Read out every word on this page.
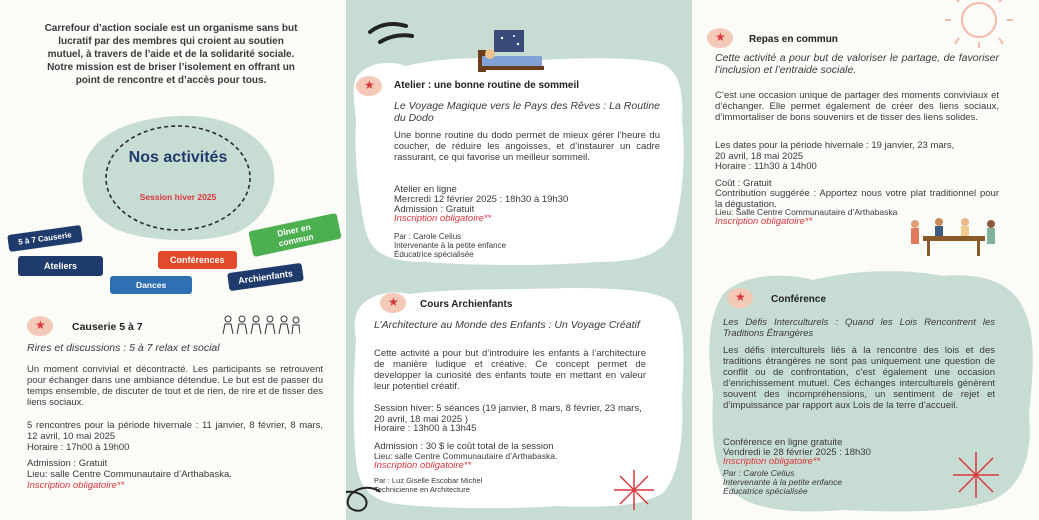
Carrefour d’action sociale est un organisme sans but lucratif par des membres qui croient au soutien mutuel, à travers de l’aide et de la solidarité sociale. Notre mission est de briser l’isolement en offrant un point de rencontre et d’accès pour tous.
Nos activités
Session hiver 2025
5 à 7 Causerie
Ateliers
Conférences
Dîner en commun
Dances	Archienfants
★
Causerie 5 à 7
Rires et discussions : 5 à 7 relax et social
Un moment convivial et décontracté. Les participants se retrouvent pour échanger dans une ambiance détendue. Le but est de passer du temps ensemble, de discuter de tout et de rien, de rire et de tisser des liens sociaux.
5 rencontres pour la période hivernale : 11 janvier, 8 février, 8 mars, 12 avril, 10 mai 2025
Horaire : 17h00 à 19h00
Admission : Gratuit
Lieu: salle Centre Communautaire d’Arthabaska.
Inscription obligatoire**
★
Atelier : une bonne routine de sommeil
Le Voyage Magique vers le Pays des Rêves : La Routine du Dodo
Une bonne routine du dodo permet de mieux gérer l’heure du coucher, de réduire les angoisses, et d’instaurer un cadre rassurant, ce qui favorise un meilleur sommeil.
Atelier en ligne
Mercredi 12 février 2025 : 18h30 à 19h30
Admission : Gratuit
Inscription obligatoire**
Par : Carole Celius
Intervenante à la petite enfance
Éducatrice spécialisée
★
Cours Archienfants
L’Architecture au Monde des Enfants : Un Voyage Créatif
Cette activité a pour but d’introduire les enfants à l’architecture de manière ludique et créative. Ce concept permet de developper la curiosité des enfants toute en mettant en valeur leur potentiel créatif.
Session hiver: 5 séances (19 janvier, 8 mars, 8 février, 23 mars, 20 avril, 18 mai 2025 )
Horaire : 13h00 à 13h45
Admission : 30 $ le coût total de la session
Lieu: salle Centre Communautaire d’Arthabaska.
Inscription obligatoire**
Par : Luz Giselle Escobar Michel
Technicienne en Architecture
★
Repas en commun
Cette activité a pour but de valoriser le partage, de favoriser l’inclusion et l’entraide sociale.
C’est une occasion unique de partager des moments conviviaux et d’échanger. Elle permet également de créer des liens sociaux, d’immortaliser de bons souvenirs et de tisser des liens solides.
Les dates pour la période hivernale : 19 janvier, 23 mars, 20 avril, 18 mai 2025
Horaire : 11h30 à 14h00
Coût : Gratuit
Contribution suggérée : Apportez nous votre plat traditionnel pour la dégustation.
Lieu: Salle Centre Communautaire d’Arthabaska
Inscription obligatoire**
★
Conférence
Les Défis Interculturels : Quand les Lois Rencontrent les Traditions Étrangères
Les défis interculturels liés à la rencontre des lois et des traditions étrangères ne sont pas uniquement une question de conflit ou de confrontation, c’est également une occasion d’enrichissement mutuel. Ces échanges interculturels génèrent souvent des incompréhensions, un sentiment de rejet et d’impuissance par rapport aux Lois de la terre d’accueil.
Conférence en ligne gratuite
Vendredi le 28 février 2025 : 18h30
Inscription obligatoire**
Par : Carole Celius
Intervenante à la petite enfance
Éducatrice spécialisée
